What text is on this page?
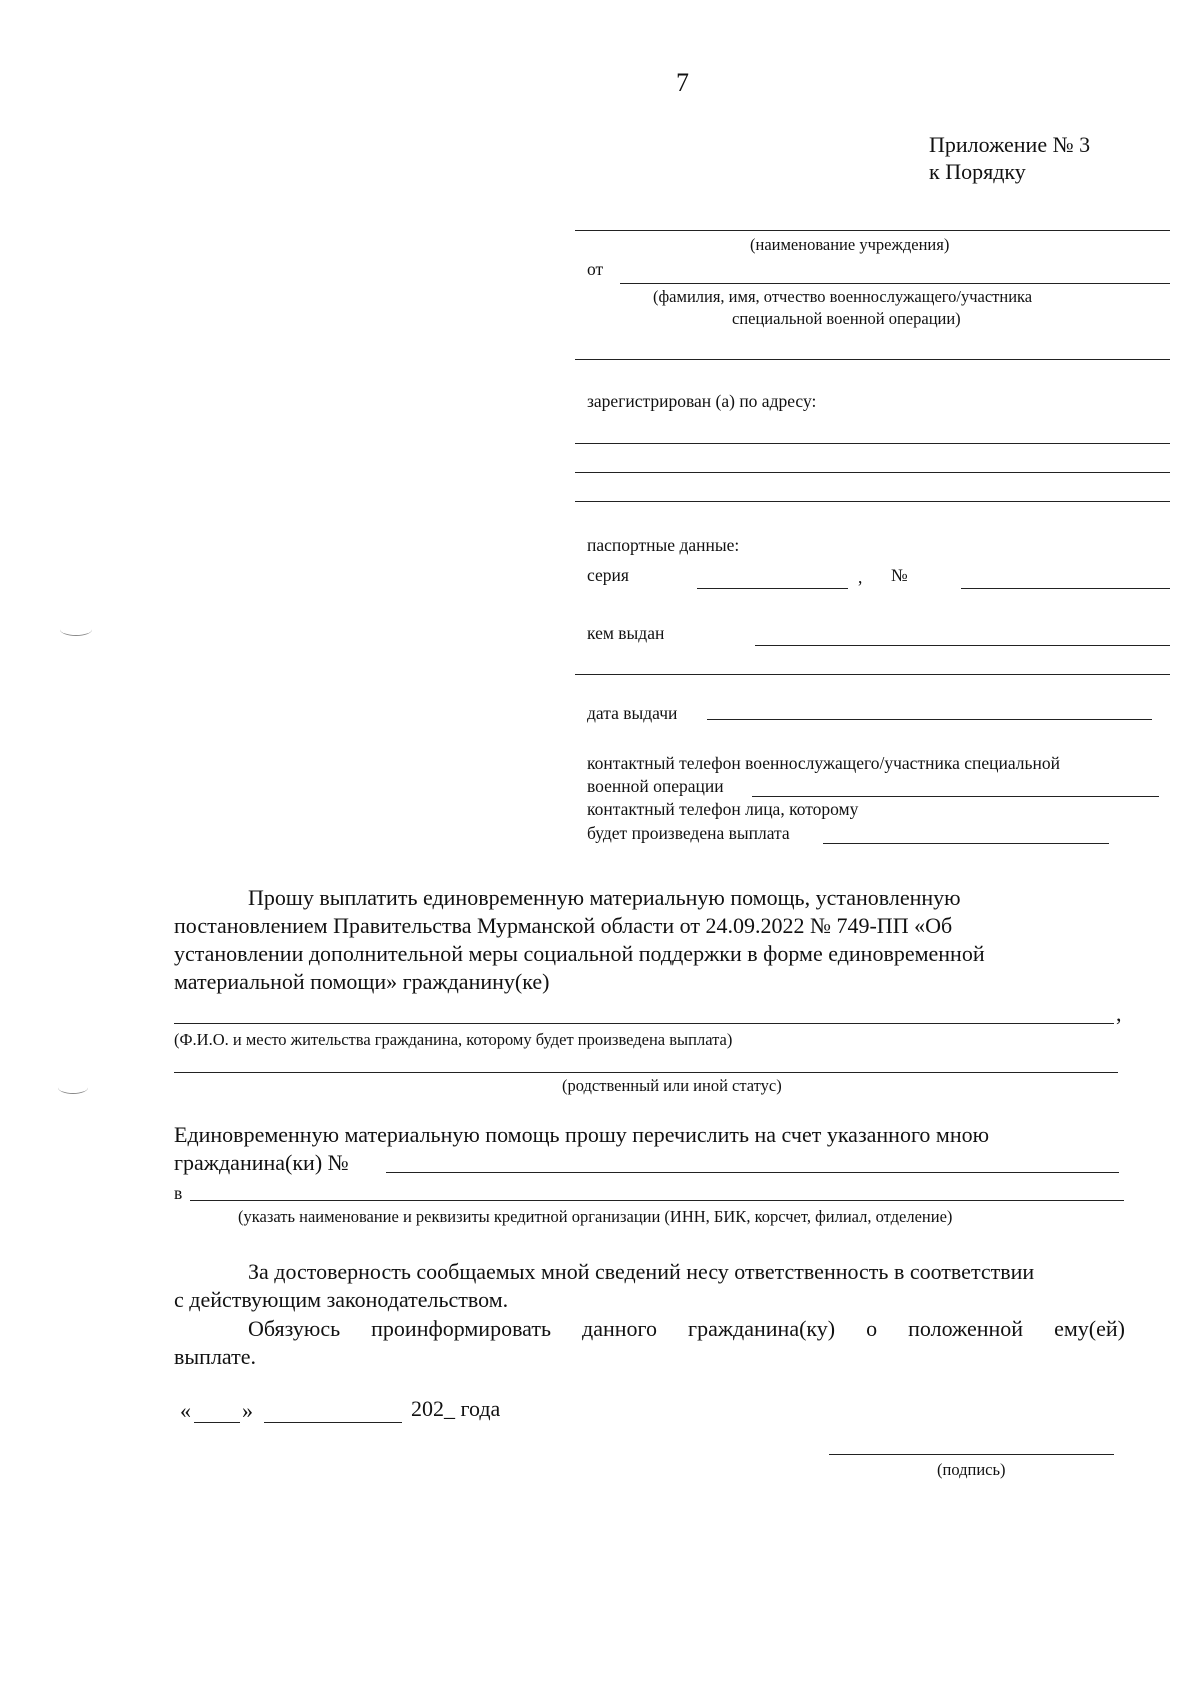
7
Приложение № 3
к Порядку
(наименование учреждения)
от
(фамилия, имя, отчество военнослужащего/участника
специальной военной операции)
зарегистрирован (а) по адресу:
паспортные данные:
серия	, №
кем выдан
дата выдачи
контактный телефон военнослужащего/участника специальной
военной операции
контактный телефон лица, которому
будет произведена выплата
Прошу выплатить единовременную материальную помощь, установленную
постановлением Правительства Мурманской области от 24.09.2022 № 749-ПП «Об
установлении дополнительной меры социальной поддержки в форме единовременной
материальной помощи» гражданину(ке)
,
(Ф.И.О. и место жительства гражданина, которому будет произведена выплата)
(родственный или иной статус)
Единовременную материальную помощь прошу перечислить на счет указанного мною
гражданина(ки) №
в
(указать наименование и реквизиты кредитной организации (ИНН, БИК, корсчет, филиал, отделение)
За достоверность сообщаемых мной сведений несу ответственность в соответствии
с действующим законодательством.
Обязуюсь проинформировать данного гражданина(ку) о положенной ему(ей)
выплате.
« »	202_ года
(подпись)
